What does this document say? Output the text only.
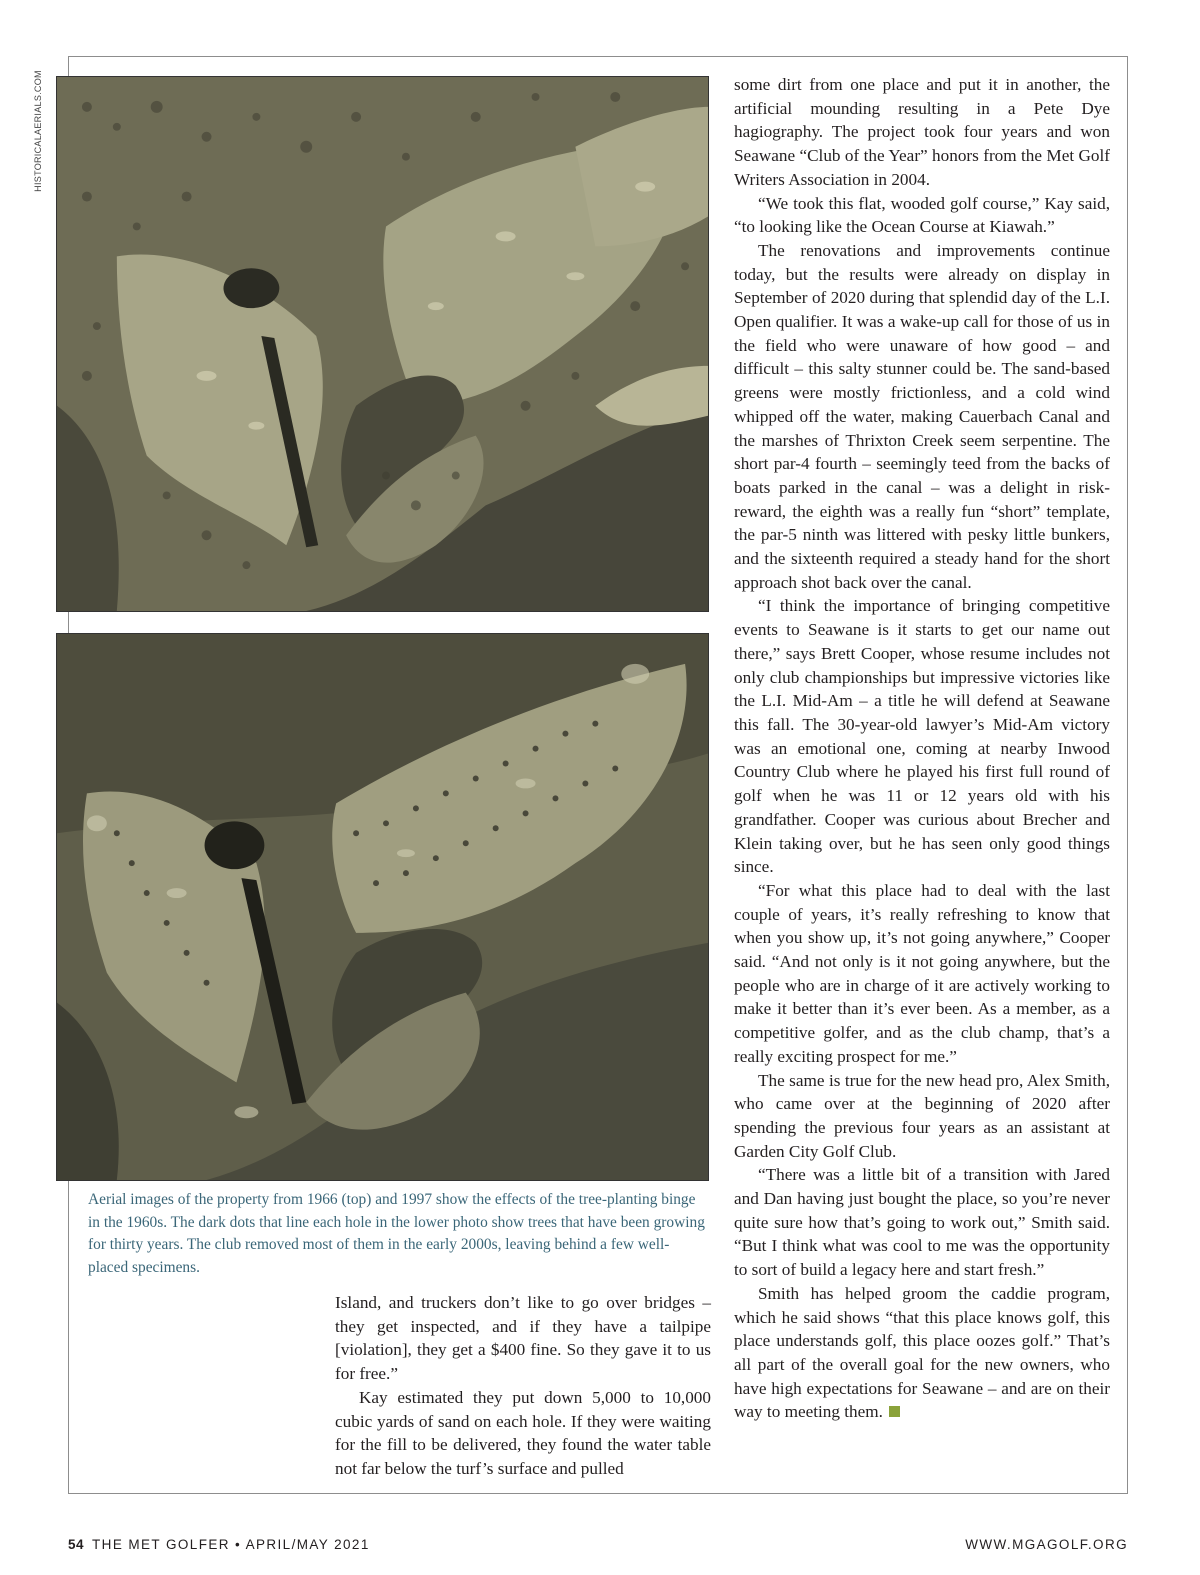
HISTORICALAERIALS.COM
Aerial images of the property from 1966 (top) and 1997 show the effects of the tree-planting binge in the 1960s. The dark dots that line each hole in the lower photo show trees that have been growing for thirty years. The club removed most of them in the early 2000s, leaving behind a few well-placed specimens.

Island, and truckers don’t like to go over bridges – they get inspected, and if they have a tailpipe [violation], they get a $400 fine. So they gave it to us for free.”

Kay estimated they put down 5,000 to 10,000 cubic yards of sand on each hole. If they were waiting for the fill to be delivered, they found the water table not far below the turf’s surface and pulled

some dirt from one place and put it in another, the artificial mounding resulting in a Pete Dye hagiography. The project took four years and won Seawane “Club of the Year” honors from the Met Golf Writers Association in 2004.

“We took this flat, wooded golf course,” Kay said, “to looking like the Ocean Course at Kiawah.”

The renovations and improvements continue today, but the results were already on display in September of 2020 during that splendid day of the L.I. Open qualifier. It was a wake-up call for those of us in the field who were unaware of how good – and difficult – this salty stunner could be. The sand-based greens were mostly frictionless, and a cold wind whipped off the water, making Cauerbach Canal and the marshes of Thrixton Creek seem serpentine. The short par-4 fourth – seemingly teed from the backs of boats parked in the canal – was a delight in risk-reward, the eighth was a really fun “short” template, the par-5 ninth was littered with pesky little bunkers, and the sixteenth required a steady hand for the short approach shot back over the canal.

“I think the importance of bringing competitive events to Seawane is it starts to get our name out there,” says Brett Cooper, whose resume includes not only club championships but impressive victories like the L.I. Mid-Am – a title he will defend at Seawane this fall. The 30-year-old lawyer’s Mid-Am victory was an emotional one, coming at nearby Inwood Country Club where he played his first full round of golf when he was 11 or 12 years old with his grandfather. Cooper was curious about Brecher and Klein taking over, but he has seen only good things since.

“For what this place had to deal with the last couple of years, it’s really refreshing to know that when you show up, it’s not going anywhere,” Cooper said. “And not only is it not going anywhere, but the people who are in charge of it are actively working to make it better than it’s ever been. As a member, as a competitive golfer, and as the club champ, that’s a really exciting prospect for me.”

The same is true for the new head pro, Alex Smith, who came over at the beginning of 2020 after spending the previous four years as an assistant at Garden City Golf Club.

“There was a little bit of a transition with Jared and Dan having just bought the place, so you’re never quite sure how that’s going to work out,” Smith said. “But I think what was cool to me was the opportunity to sort of build a legacy here and start fresh.”

Smith has helped groom the caddie program, which he said shows “that this place knows golf, this place understands golf, this place oozes golf.” That’s all part of the overall goal for the new owners, who have high expectations for Seawane – and are on their way to meeting them.

54 THE MET GOLFER • APRIL/MAY 2021	WWW.MGAGOLF.ORG
